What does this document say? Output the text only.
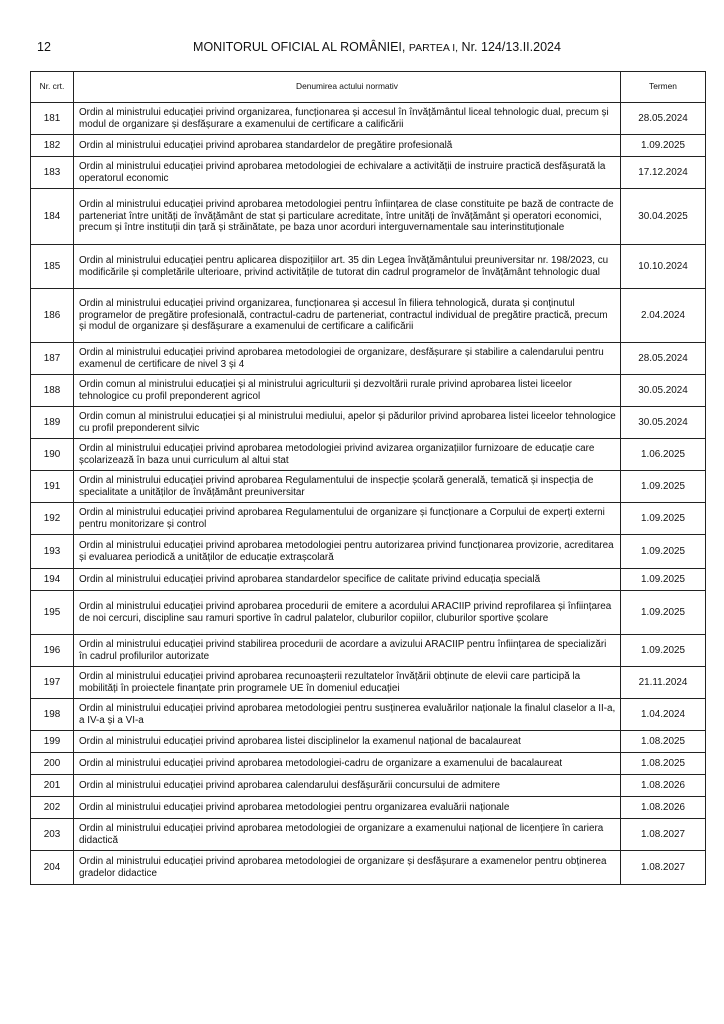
12	MONITORUL OFICIAL AL ROMÂNIEI, PARTEA I, Nr. 124/13.II.2024
Nr. crt.	Denumirea actului normativ	Termen
181	Ordin al ministrului educației privind organizarea, funcționarea și accesul în învățământul liceal tehnologic dual, precum și modul de organizare și desfășurare a examenului de certificare a calificării	28.05.2024
182	Ordin al ministrului educației privind aprobarea standardelor de pregătire profesională	1.09.2025
183	Ordin al ministrului educației privind aprobarea metodologiei de echivalare a activității de instruire practică desfășurată la operatorul economic	17.12.2024
184	Ordin al ministrului educației privind aprobarea metodologiei pentru înființarea de clase constituite pe bază de contracte de parteneriat între unități de învățământ de stat și particulare acreditate, între unități de învățământ și operatori economici, precum și între instituții din țară și străinătate, pe baza unor acorduri interguvernamentale sau interinstituționale	30.04.2025
185	Ordin al ministrului educației pentru aplicarea dispozițiilor art. 35 din Legea învățământului preuniversitar nr. 198/2023, cu modificările și completările ulterioare, privind activitățile de tutorat din cadrul programelor de învățământ tehnologic dual	10.10.2024
186	Ordin al ministrului educației privind organizarea, funcționarea și accesul în filiera tehnologică, durata și conținutul programelor de pregătire profesională, contractul-cadru de parteneriat, contractul individual de pregătire practică, precum și modul de organizare și desfășurare a examenului de certificare a calificării	2.04.2024
187	Ordin al ministrului educației privind aprobarea metodologiei de organizare, desfășurare și stabilire a calendarului pentru examenul de certificare de nivel 3 și 4	28.05.2024
188	Ordin comun al ministrului educației și al ministrului agriculturii și dezvoltării rurale privind aprobarea listei liceelor tehnologice cu profil preponderent agricol	30.05.2024
189	Ordin comun al ministrului educației și al ministrului mediului, apelor și pădurilor privind aprobarea listei liceelor tehnologice cu profil preponderent silvic	30.05.2024
190	Ordin al ministrului educației privind aprobarea metodologiei privind avizarea organizațiilor furnizoare de educație care școlarizează în baza unui curriculum al altui stat	1.06.2025
191	Ordin al ministrului educației privind aprobarea Regulamentului de inspecție școlară generală, tematică și inspecția de specialitate a unităților de învățământ preuniversitar	1.09.2025
192	Ordin al ministrului educației privind aprobarea Regulamentului de organizare și funcționare a Corpului de experți externi pentru monitorizare și control	1.09.2025
193	Ordin al ministrului educației privind aprobarea metodologiei pentru autorizarea privind funcționarea provizorie, acreditarea și evaluarea periodică a unităților de educație extrașcolară	1.09.2025
194	Ordin al ministrului educației privind aprobarea standardelor specifice de calitate privind educația specială	1.09.2025
195	Ordin al ministrului educației privind aprobarea procedurii de emitere a acordului ARACIIP privind reprofilarea și înființarea de noi cercuri, discipline sau ramuri sportive în cadrul palatelor, cluburilor copiilor, cluburilor sportive școlare	1.09.2025
196	Ordin al ministrului educației privind stabilirea procedurii de acordare a avizului ARACIIP pentru înființarea de specializări în cadrul profilurilor autorizate	1.09.2025
197	Ordin al ministrului educației privind aprobarea recunoașterii rezultatelor învățării obținute de elevii care participă la mobilități în proiectele finanțate prin programele UE în domeniul educației	21.11.2024
198	Ordin al ministrului educației privind aprobarea metodologiei pentru susținerea evaluărilor naționale la finalul claselor a II-a, a IV-a și a VI-a	1.04.2024
199	Ordin al ministrului educației privind aprobarea listei disciplinelor la examenul național de bacalaureat	1.08.2025
200	Ordin al ministrului educației privind aprobarea metodologiei-cadru de organizare a examenului de bacalaureat	1.08.2025
201	Ordin al ministrului educației privind aprobarea calendarului desfășurării concursului de admitere	1.08.2026
202	Ordin al ministrului educației privind aprobarea metodologiei pentru organizarea evaluării naționale	1.08.2026
203	Ordin al ministrului educației privind aprobarea metodologiei de organizare a examenului național de licențiere în cariera didactică	1.08.2027
204	Ordin al ministrului educației privind aprobarea metodologiei de organizare și desfășurare a examenelor pentru obținerea gradelor didactice	1.08.2027
